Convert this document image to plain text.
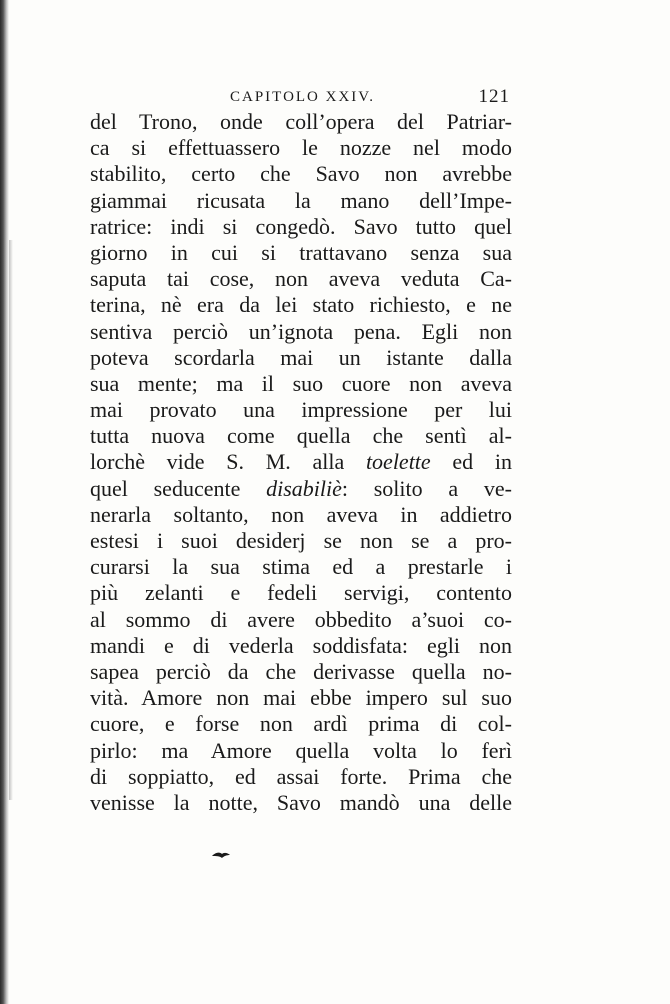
CAPITOLO XXIV.	121
del Trono, onde coll’opera del Patriar-
ca si effettuassero le nozze nel modo
stabilito, certo che Savo non avrebbe
giammai ricusata la mano dell’Impe-
ratrice: indi si congedò. Savo tutto quel
giorno in cui si trattavano senza sua
saputa tai cose, non aveva veduta Ca-
terina, nè era da lei stato richiesto, e ne
sentiva perciò un’ignota pena. Egli non
poteva scordarla mai un istante dalla
sua mente; ma il suo cuore non aveva
mai provato una impressione per lui
tutta nuova come quella che sentì al-
lorchè vide S. M. alla toelette ed in
quel seducente disabiliè: solito a ve-
nerarla soltanto, non aveva in addietro
estesi i suoi desiderj se non se a pro-
curarsi la sua stima ed a prestarle i
più zelanti e fedeli servigi, contento
al sommo di avere obbedito a’suoi co-
mandi e di vederla soddisfata: egli non
sapea perciò da che derivasse quella no-
vità. Amore non mai ebbe impero sul suo
cuore, e forse non ardì prima di col-
pirlo: ma Amore quella volta lo ferì
di soppiatto, ed assai forte. Prima che
venisse la notte, Savo mandò una delle
